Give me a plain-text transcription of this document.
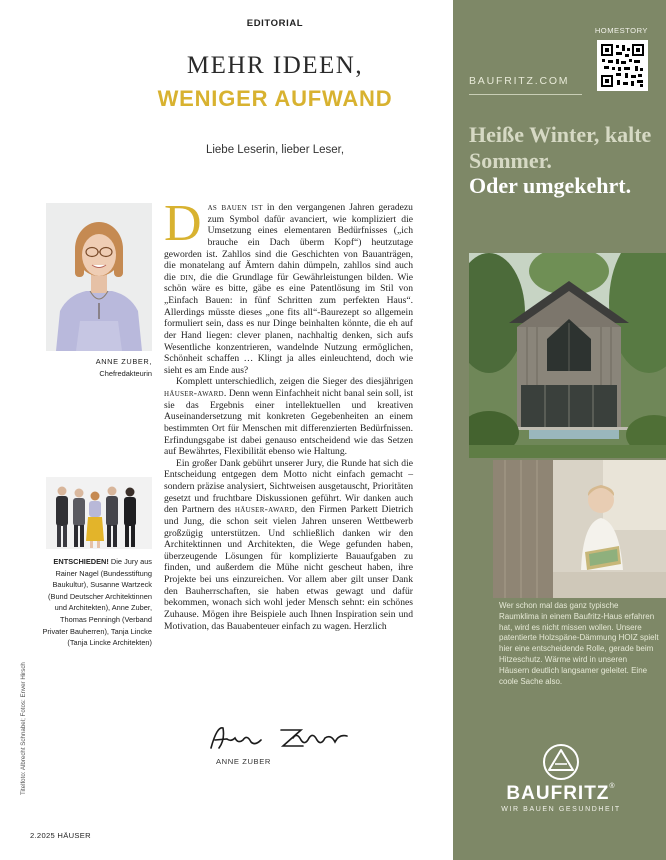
EDITORIAL
MEHR IDEEN,
WENIGER AUFWAND
Liebe Leserin, lieber Leser,
ANNE ZUBER,
Chefredakteurin
ENTSCHIEDEN! Die Jury aus Rainer Nagel (Bundesstiftung Baukultur), Susanne Wartzeck (Bund Deutscher Architektinnen und Architekten), Anne Zuber, Thomas Penningh (Verband Privater Bauherren), Tanja Lincke (Tanja Lincke Architekten)
Titelfoto: Albrecht Schnabel; Fotos: Enver Hirsch

Das bauen ist in den vergangenen Jahren geradezu zum Symbol dafür avanciert, wie kompliziert die Umsetzung eines elementaren Bedürfnisses („ich brauche ein Dach überm Kopf“) heutzutage geworden ist. Zahllos sind die Geschichten von Bauanträgen, die monatelang auf Ämtern dahin dümpeln, zahllos sind auch die din, die die Grundlage für Gewährleistungen bilden. Wie schön wäre es bitte, gäbe es eine Patentlösung im Stil von „Einfach Bauen: in fünf Schritten zum perfekten Haus“. Allerdings müsste dieses „one fits all“-Baurezept so allgemein formuliert sein, dass es nur Dinge beinhalten könnte, die eh auf der Hand liegen: clever planen, nachhaltig denken, sich aufs Wesentliche konzentrieren, wandelnde Nutzung ermöglichen, Schönheit schaffen … Klingt ja alles einleuchtend, doch wie sieht es am Ende aus?

Komplett unterschiedlich, zeigen die Sieger des diesjährigen häuser-award. Denn wenn Einfachheit nicht banal sein soll, ist sie das Ergebnis einer intellektuellen und kreativen Auseinandersetzung mit konkreten Gegebenheiten an einem bestimmten Ort für Menschen mit differenzierten Bedürfnissen. Erfindungsgabe ist dabei genauso entscheidend wie das Setzen auf Bewährtes, Flexibilität ebenso wie Haltung.

Ein großer Dank gebührt unserer Jury, die Runde hat sich die Entscheidung entgegen dem Motto nicht einfach gemacht – sondern präzise analysiert, Sichtweisen ausgetauscht, Prioritäten gesetzt und fruchtbare Diskussionen geführt. Wir danken auch den Partnern des häuser-award, den Firmen Parkett Dietrich und Jung, die schon seit vielen Jahren unseren Wettbewerb großzügig unterstützen. Und schließlich danken wir den Architektinnen und Architekten, die Wege gefunden haben, überzeugende Lösungen für komplizierte Bauaufgaben zu finden, und außerdem die Mühe nicht gescheut haben, ihre Projekte bei uns einzureichen. Vor allem aber gilt unser Dank den Bauherrschaften, sie haben etwas gewagt und dafür bekommen, wonach sich wohl jeder Mensch sehnt: ein schönes Zuhause. Mögen ihre Beispiele auch Ihnen Inspiration sein und Motivation, das Bauabenteuer einfach zu wagen. Herzlich

ANNE ZUBER
2.2025 HÄUSER
HOMESTORY
BAUFRITZ.COM
Heiße Winter, kalte Sommer.
Oder umgekehrt.
Wer schon mal das ganz typische Raumklima in einem Baufritz-Haus erfahren hat, wird es nicht missen wollen. Unsere patentierte Holzspäne-Dämmung HOIZ spielt hier eine entscheidende Rolle, gerade beim Hitzeschutz. Wärme wird in unseren Häusern deutlich langsamer geleitet. Eine coole Sache also.
BAUFRITZ®
WIR BAUEN GESUNDHEIT
